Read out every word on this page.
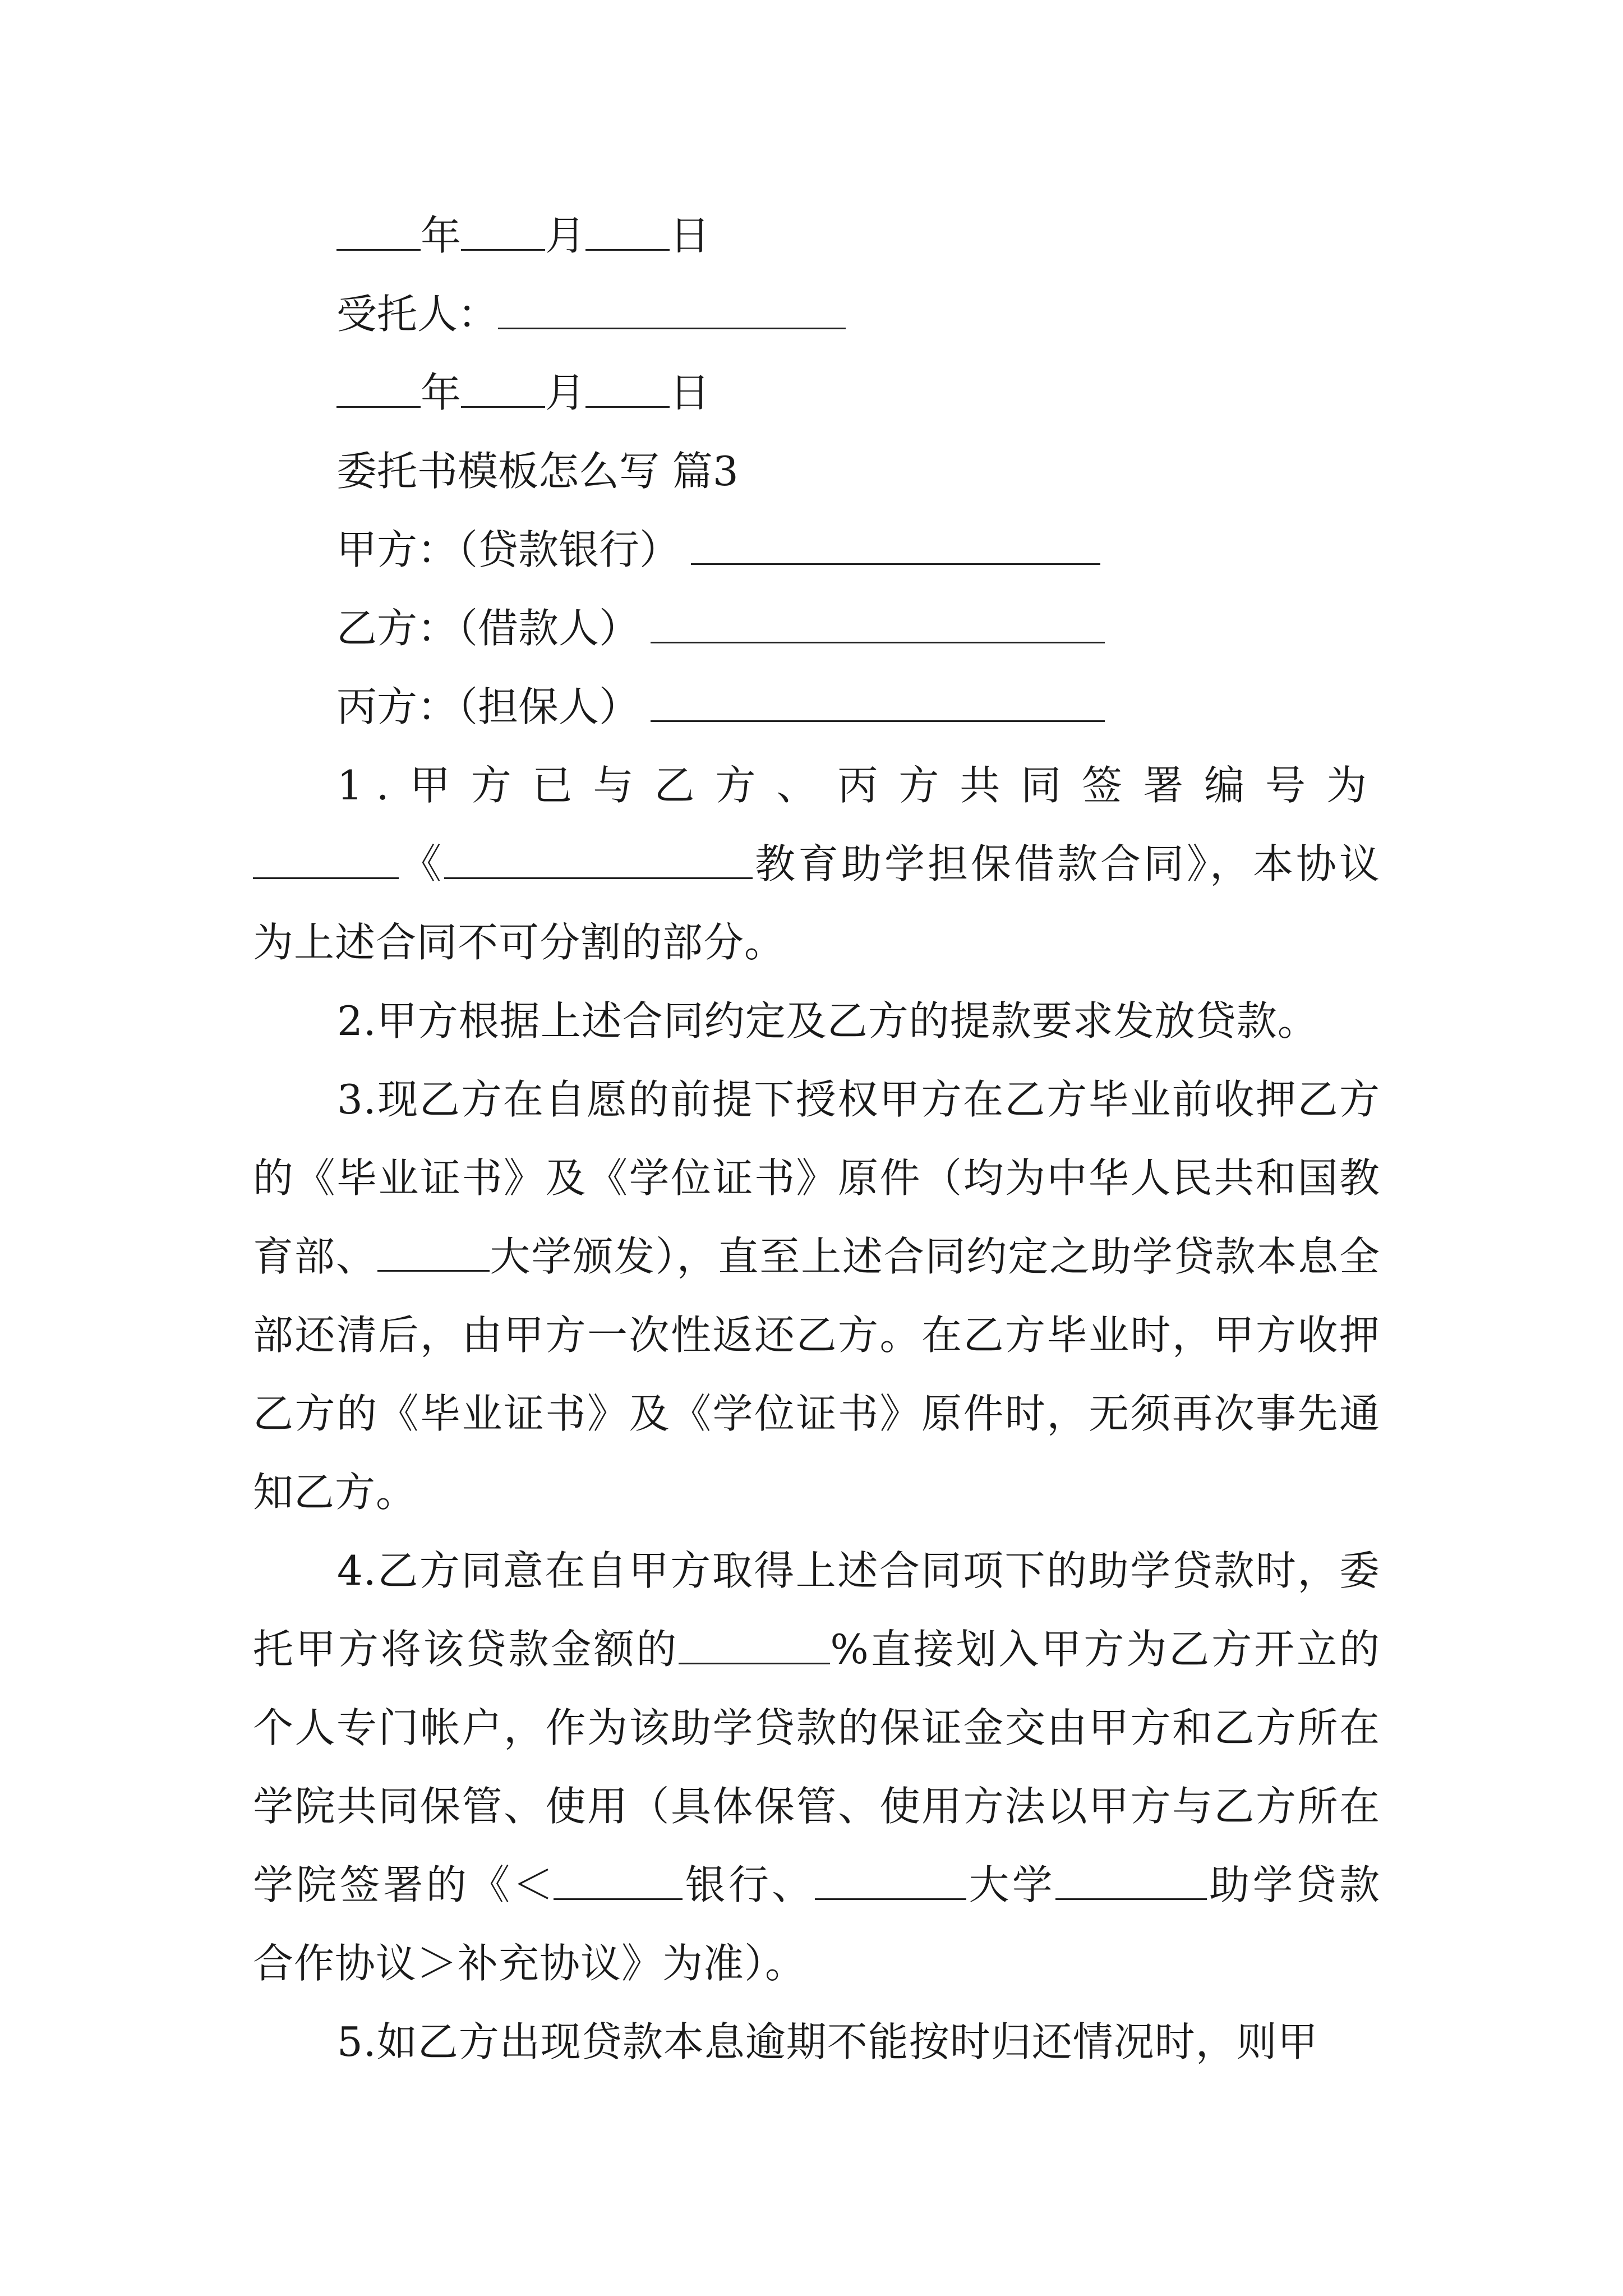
年 月 日
受托人：
年 月 日
委托书模板怎么写 篇3
甲方：（贷款银行）
乙方：（借款人）
丙方：（担保人）

1.甲方已与乙方、丙方共同签署编号为《	教育助学担保借款合同》，本协议为上述合同不可分割的部分。

2.甲方根据上述合同约定及乙方的提款要求发放贷款。

3.现乙方在自愿的前提下授权甲方在乙方毕业前收押乙方的《毕业证书》及《学位证书》原件（均为中华人民共和国教育部、	大学颁发），直至上述合同约定之助学贷款本息全部还清后，由甲方一次性返还乙方。在乙方毕业时，甲方收押乙方的《毕业证书》及《学位证书》原件时，无须再次事先通知乙方。

4.乙方同意在自甲方取得上述合同项下的助学贷款时，委托甲方将该贷款金额的	%直接划入甲方为乙方开立的个人专门帐户，作为该助学贷款的保证金交由甲方和乙方所在学院共同保管、使用（具体保管、使用方法以甲方与乙方所在学院签署的《＜	银行、	大学	助学贷款合作协议＞补充协议》为准）。

5.如乙方出现贷款本息逾期不能按时归还情况时，则甲
